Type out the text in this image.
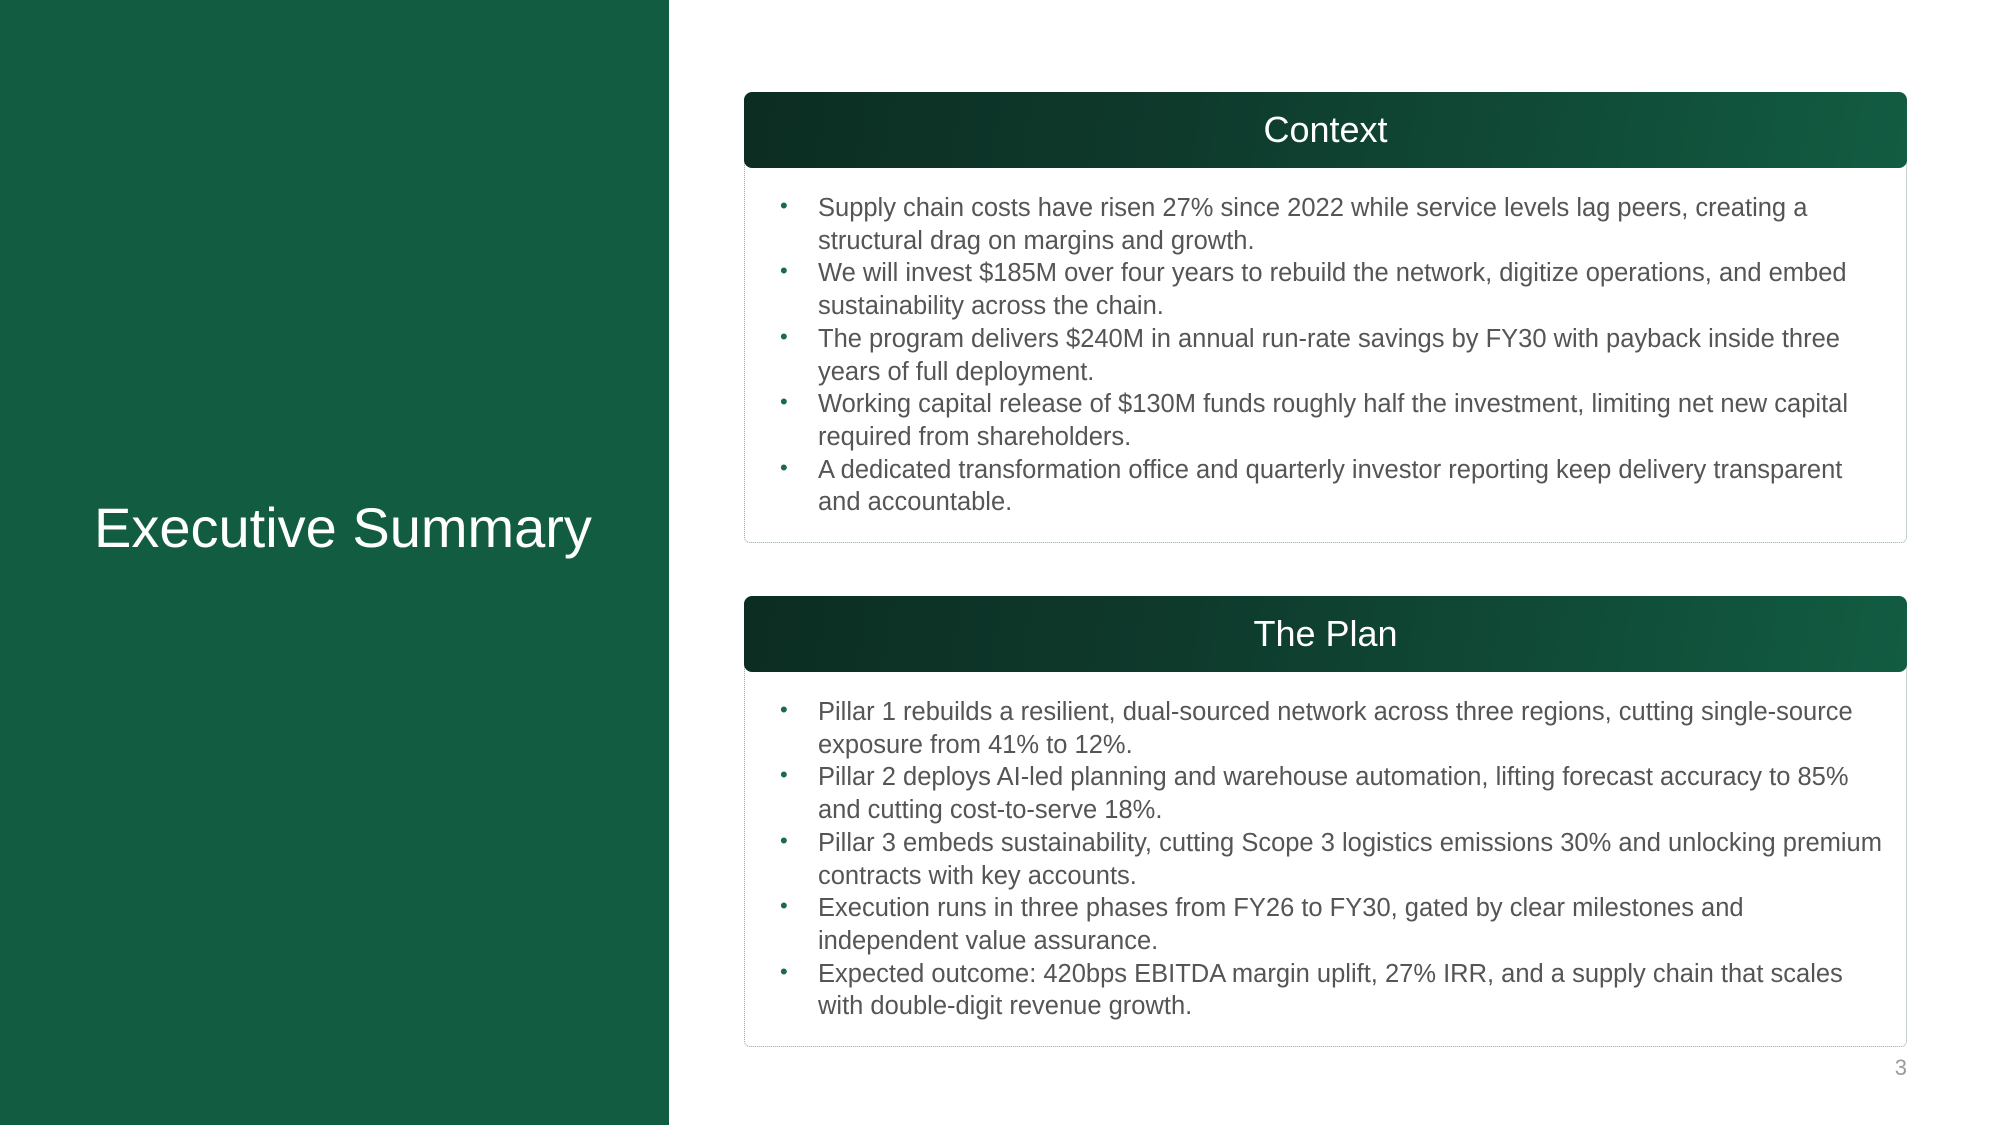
Executive Summary
Context
• Supply chain costs have risen 27% since 2022 while service levels lag peers, creating a structural drag on margins and growth.
• We will invest $185M over four years to rebuild the network, digitize operations, and embed sustainability across the chain.
• The program delivers $240M in annual run-rate savings by FY30 with payback inside three years of full deployment.
• Working capital release of $130M funds roughly half the investment, limiting net new capital required from shareholders.
• A dedicated transformation office and quarterly investor reporting keep delivery transparent and accountable.
The Plan
• Pillar 1 rebuilds a resilient, dual-sourced network across three regions, cutting single-source exposure from 41% to 12%.
• Pillar 2 deploys AI-led planning and warehouse automation, lifting forecast accuracy to 85% and cutting cost-to-serve 18%.
• Pillar 3 embeds sustainability, cutting Scope 3 logistics emissions 30% and unlocking premium contracts with key accounts.
• Execution runs in three phases from FY26 to FY30, gated by clear milestones and independent value assurance.
• Expected outcome: 420bps EBITDA margin uplift, 27% IRR, and a supply chain that scales with double-digit revenue growth.
3
